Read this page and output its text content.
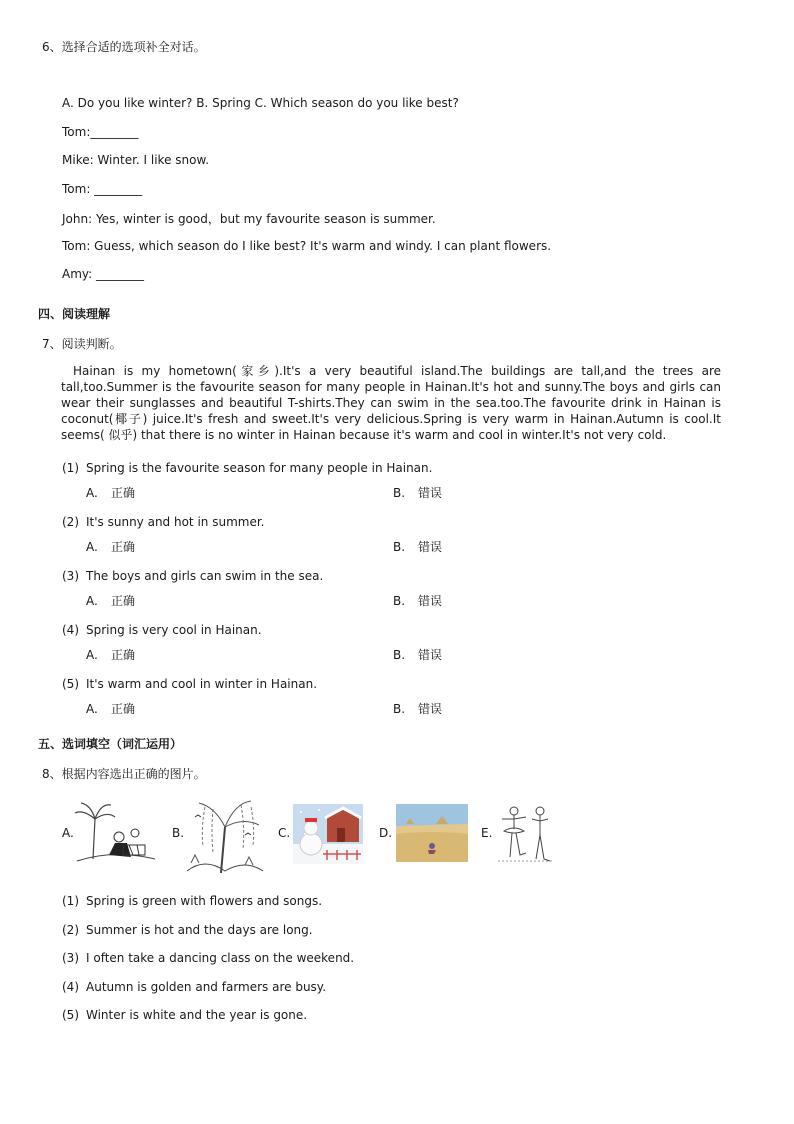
6、选择合适的选项补全对话。
A. Do you like winter? B. Spring C. Which season do you like best?
Tom:________
Mike: Winter. I like snow.
Tom: ________
John: Yes, winter is good，but my favourite season is summer.
Tom: Guess, which season do I like best? It's warm and windy. I can plant flowers.
Amy: ________
四、阅读理解
7、阅读判断。
Hainan is my hometown(家乡).It's a very beautiful island.The buildings are tall,and the trees are tall,too.Summer is the favourite season for many people in Hainan.It's hot and sunny.The boys and girls can wear their sunglasses and beautiful T-shirts.They can swim in the sea.too.The favourite drink in Hainan is coconut(椰子) juice.It's fresh and sweet.It's very delicious.Spring is very warm in Hainan.Autumn is cool.It seems( 似乎) that there is no winter in Hainan because it's warm and cool in winter.It's not very cold.
(1) Spring is the favourite season for many people in Hainan.
A. 正确	B. 错误
(2) It's sunny and hot in summer.
A. 正确	B. 错误
(3) The boys and girls can swim in the sea.
A. 正确	B. 错误
(4) Spring is very cool in Hainan.
A. 正确	B. 错误
(5) It's warm and cool in winter in Hainan.
A. 正确	B. 错误
五、选词填空（词汇运用）
8、根据内容选出正确的图片。
A.	B.	C.	D.	E.
(1) Spring is green with flowers and songs.
(2) Summer is hot and the days are long.
(3) I often take a dancing class on the weekend.
(4) Autumn is golden and farmers are busy.
(5) Winter is white and the year is gone.
